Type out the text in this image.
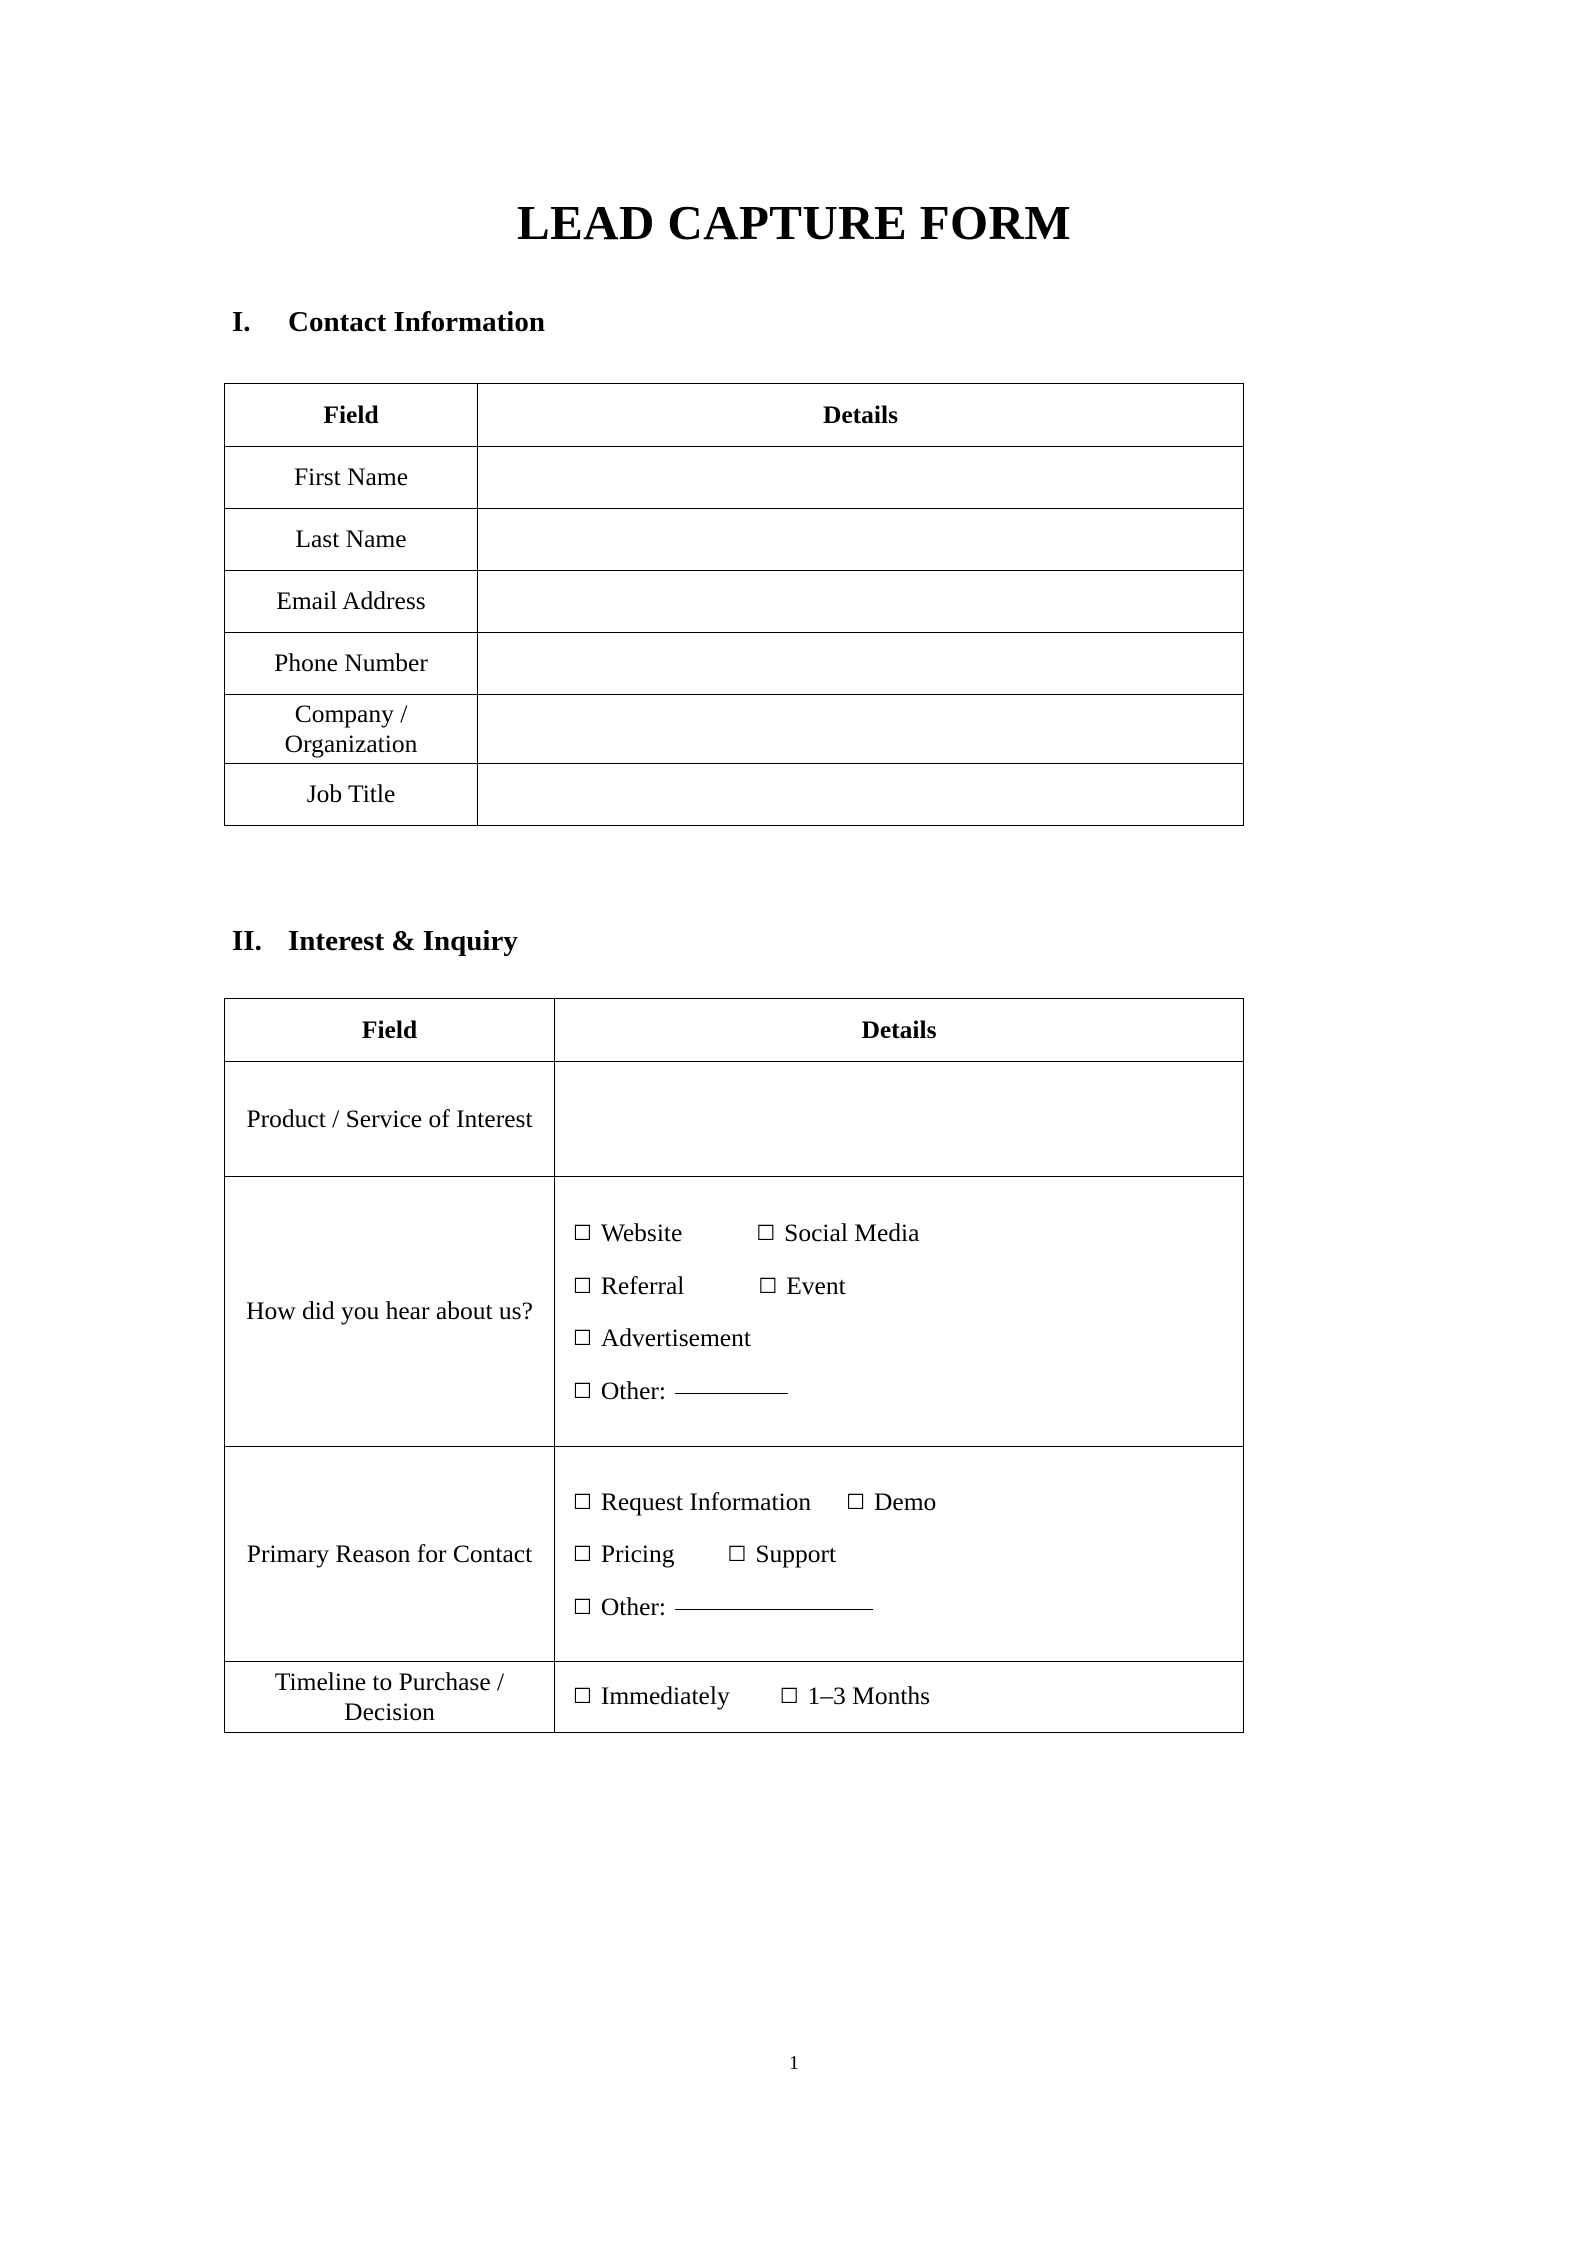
LEAD CAPTURE FORM
I.	Contact Information
Field	Details
First Name	
Last Name	
Email Address	
Phone Number	
Company / Organization	
Job Title	
II. Interest & Inquiry
Field	Details
Product / Service of Interest	
How did you hear about us?	
☐ Website	☐ Social Media
☐ Referral	☐ Event
☐ Advertisement
☐ Other:

Primary Reason for Contact	☐ Request Information ☐ Demo
☐ Pricing ☐ Support
☐ Other:

Timeline to Purchase / Decision	☐ Immediately ☐ 1–3 Months
1
